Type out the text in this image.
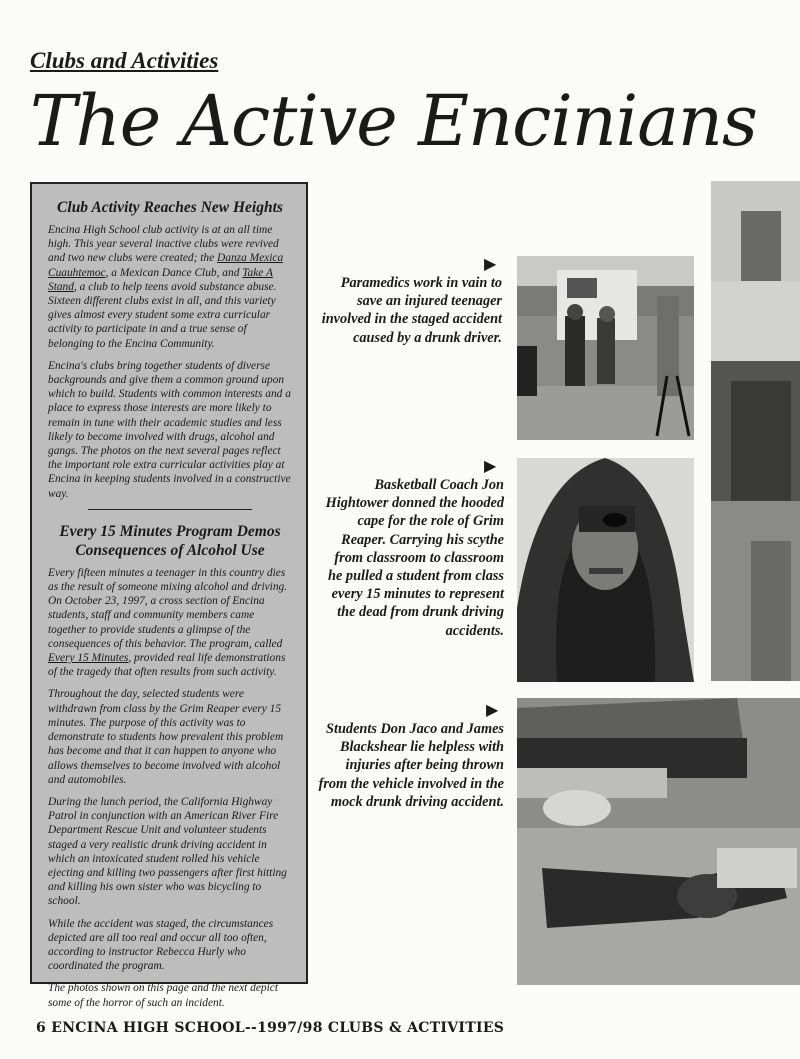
Clubs and Activities
The Active Encinians
Club Activity Reaches New Heights

Encina High School club activity is at an all time high. This year several inactive clubs were revived and two new clubs were created; the Danza Mexica Cuauhtemoc, a Mexican Dance Club, and Take A Stand, a club to help teens avoid substance abuse. Sixteen different clubs exist in all, and this variety gives almost every student some extra curricular activity to participate in and a true sense of belonging to the Encina Community.

Encina's clubs bring together students of diverse backgrounds and give them a common ground upon which to build. Students with common interests and a place to express those interests are more likely to remain in tune with their academic studies and less likely to become involved with drugs, alcohol and gangs. The photos on the next several pages reflect the important role extra curricular activities play at Encina in keeping students involved in a constructive way.

Every 15 Minutes Program Demos Consequences of Alcohol Use

Every fifteen minutes a teenager in this country dies as the result of someone mixing alcohol and driving. On October 23, 1997, a cross section of Encina students, staff and community members came together to provide students a glimpse of the consequences of this behavior. The program, called Every 15 Minutes, provided real life demonstrations of the tragedy that often results from such activity.

Throughout the day, selected students were withdrawn from class by the Grim Reaper every 15 minutes. The purpose of this activity was to demonstrate to students how prevalent this problem has become and that it can happen to anyone who allows themselves to become involved with alcohol and automobiles.

During the lunch period, the California Highway Patrol in conjunction with an American River Fire Department Rescue Unit and volunteer students staged a very realistic drunk driving accident in which an intoxicated student rolled his vehicle ejecting and killing two passengers after first hitting and killing his own sister who was bicycling to school.

While the accident was staged, the circumstances depicted are all too real and occur all too often, according to instructor Rebecca Hurly who coordinated the program.

The photos shown on this page and the next depict some of the horror of such an incident.

▶
Paramedics work in vain to save an injured teenager involved in the staged accident caused by a drunk driver.
▶
Basketball Coach Jon Hightower donned the hooded cape for the role of Grim Reaper. Carrying his scythe from classroom to classroom he pulled a student from class every 15 minutes to represent the dead from drunk driving accidents.
▶
Students Don Jaco and James Blackshear lie helpless with injuries after being thrown from the vehicle involved in the mock drunk driving accident.
6 ENCINA HIGH SCHOOL--1997/98 CLUBS & ACTIVITIES
